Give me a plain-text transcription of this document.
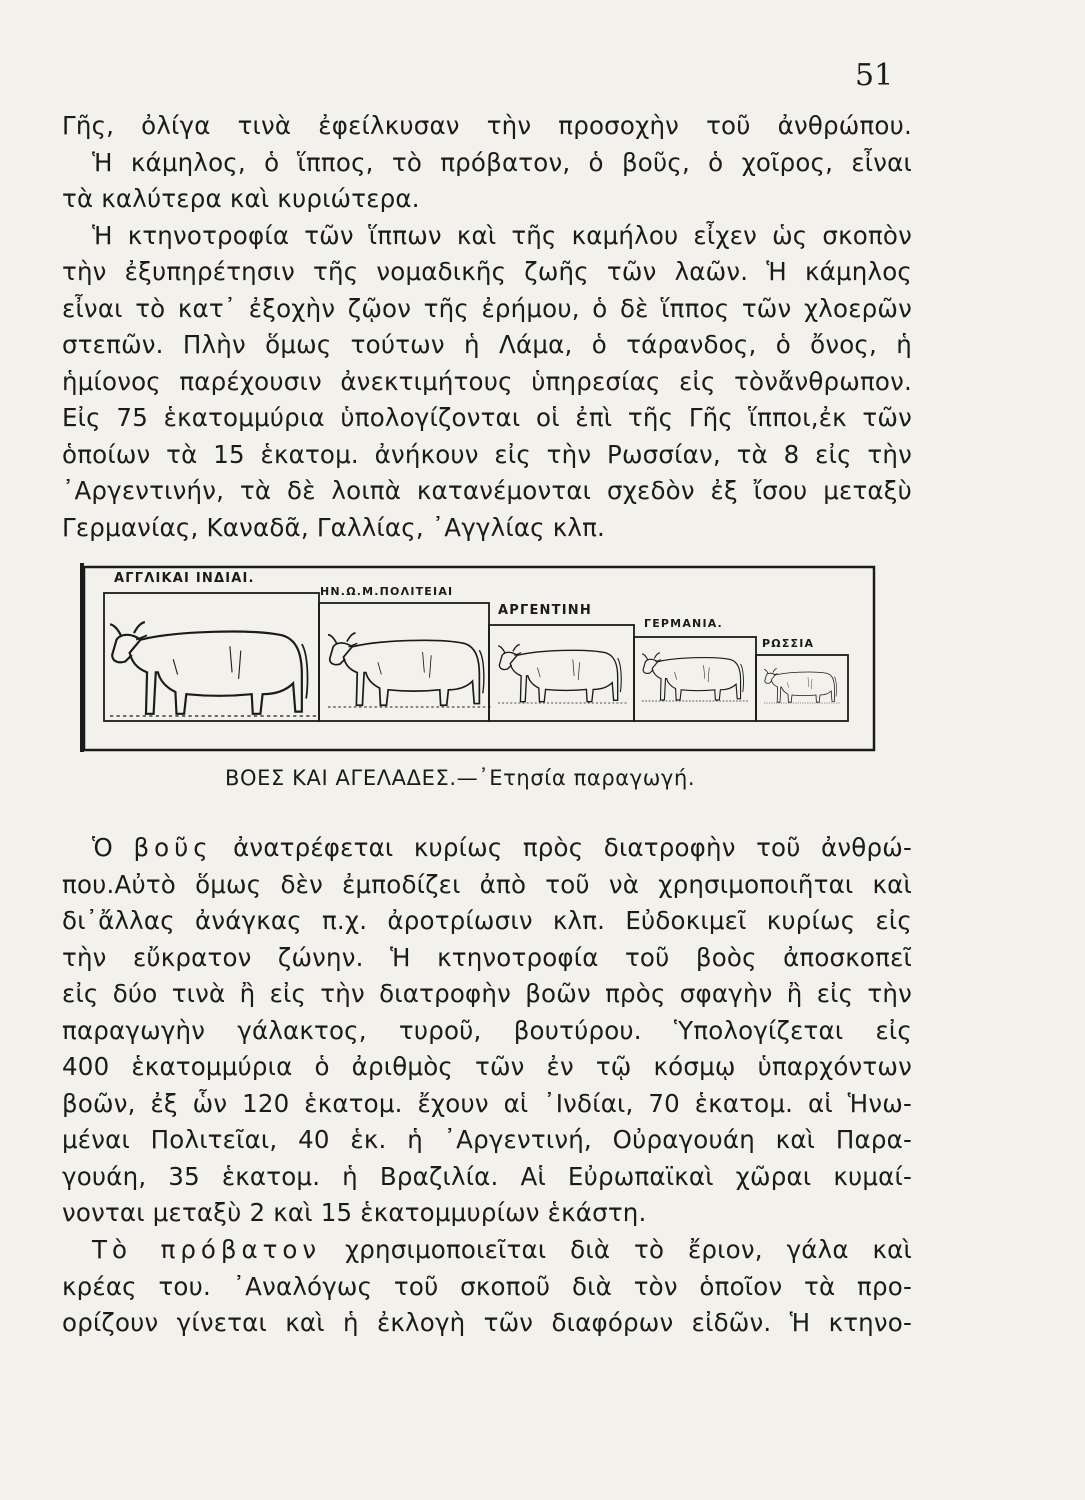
51
Γῆς, ὀλίγα τινὰ ἐφείλκυσαν τὴν προσοχὴν τοῦ ἀνθρώπου.
Ἡ κάμηλος, ὁ ἵππος, τὸ πρόβατον, ὁ βοῦς, ὁ χοῖρος, εἶναι
τὰ καλύτερα καὶ κυριώτερα.
Ἡ κτηνοτροφία τῶν ἵππων καὶ τῆς καμήλου εἶχεν ὡς σκοπὸν
τὴν ἐξυπηρέτησιν τῆς νομαδικῆς ζωῆς τῶν λαῶν. Ἡ κάμηλος
εἶναι τὸ κατ᾽ ἐξοχὴν ζῷον τῆς ἐρήμου, ὁ δὲ ἵππος τῶν χλοερῶν
στεπῶν. Πλὴν ὅμως τούτων ἡ Λάμα, ὁ τάρανδος, ὁ ὄνος, ἡ
ἡμίονος παρέχουσιν ἀνεκτιμήτους ὑπηρεσίας εἰς τὸνἄνθρωπον.
Εἰς 75 ἑκατομμύρια ὑπολογίζονται οἱ ἐπὶ τῆς Γῆς ἵπποι,ἐκ τῶν
ὁποίων τὰ 15 ἑκατομ. ἀνήκουν εἰς τὴν Ρωσσίαν, τὰ 8 εἰς τὴν
᾽Αργεντινήν, τὰ δὲ λοιπὰ κατανέμονται σχεδὸν ἐξ ἴσου μεταξὺ
Γερμανίας, Καναδᾶ, Γαλλίας, ᾽Αγγλίας κλπ.
ΑΓΓΛΙΚΑΙ ΙΝΔΙΑΙ.
ΗΝ.Ω.Μ.ΠΟΛΙΤΕΙΑΙ
ΑΡΓΕΝΤΙΝΗ
ΓΕΡΜΑΝΙΑ.
ΡΩΣΣΙΑ
ΒΟΕΣ ΚΑΙ ΑΓΕΛΑΔΕΣ.—᾽Ετησία παραγωγή.
Ὁ βοῦς ἀνατρέφεται κυρίως πρὸς διατροφὴν τοῦ ἀνθρώ-
που.Αὐτὸ ὅμως δὲν ἐμποδίζει ἀπὸ τοῦ νὰ χρησιμοποιῆται καὶ
δι᾽ἄλλας ἀνάγκας π.χ. ἀροτρίωσιν κλπ. Εὐδοκιμεῖ κυρίως εἰς
τὴν εὔκρατον ζώνην. Ἡ κτηνοτροφία τοῦ βοὸς ἀποσκοπεῖ
εἰς δύο τινὰ ἢ εἰς τὴν διατροφὴν βοῶν πρὸς σφαγὴν ἢ εἰς τὴν
παραγωγὴν γάλακτος, τυροῦ, βουτύρου. Ὑπολογίζεται εἰς
400 ἑκατομμύρια ὁ ἀριθμὸς τῶν ἐν τῷ κόσμῳ ὑπαρχόντων
βοῶν, ἐξ ὧν 120 ἑκατομ. ἔχουν αἱ ᾽Ινδίαι, 70 ἑκατομ. αἱ Ἡνω-
μέναι Πολιτεῖαι, 40 ἑκ. ἡ ᾽Αργεντινή, Οὐραγουάη καὶ Παρα-
γουάη, 35 ἑκατομ. ἡ Βραζιλία. Αἱ Εὐρωπαϊκαὶ χῶραι κυμαί-
νονται μεταξὺ 2 καὶ 15 ἑκατομμυρίων ἑκάστη.
Τὸ πρόβατον χρησιμοποιεῖται διὰ τὸ ἔριον, γάλα καὶ
κρέας του. ᾽Αναλόγως τοῦ σκοποῦ διὰ τὸν ὁποῖον τὰ προ-
ορίζουν γίνεται καὶ ἡ ἐκλογὴ τῶν διαφόρων εἰδῶν. Ἡ κτηνο-
